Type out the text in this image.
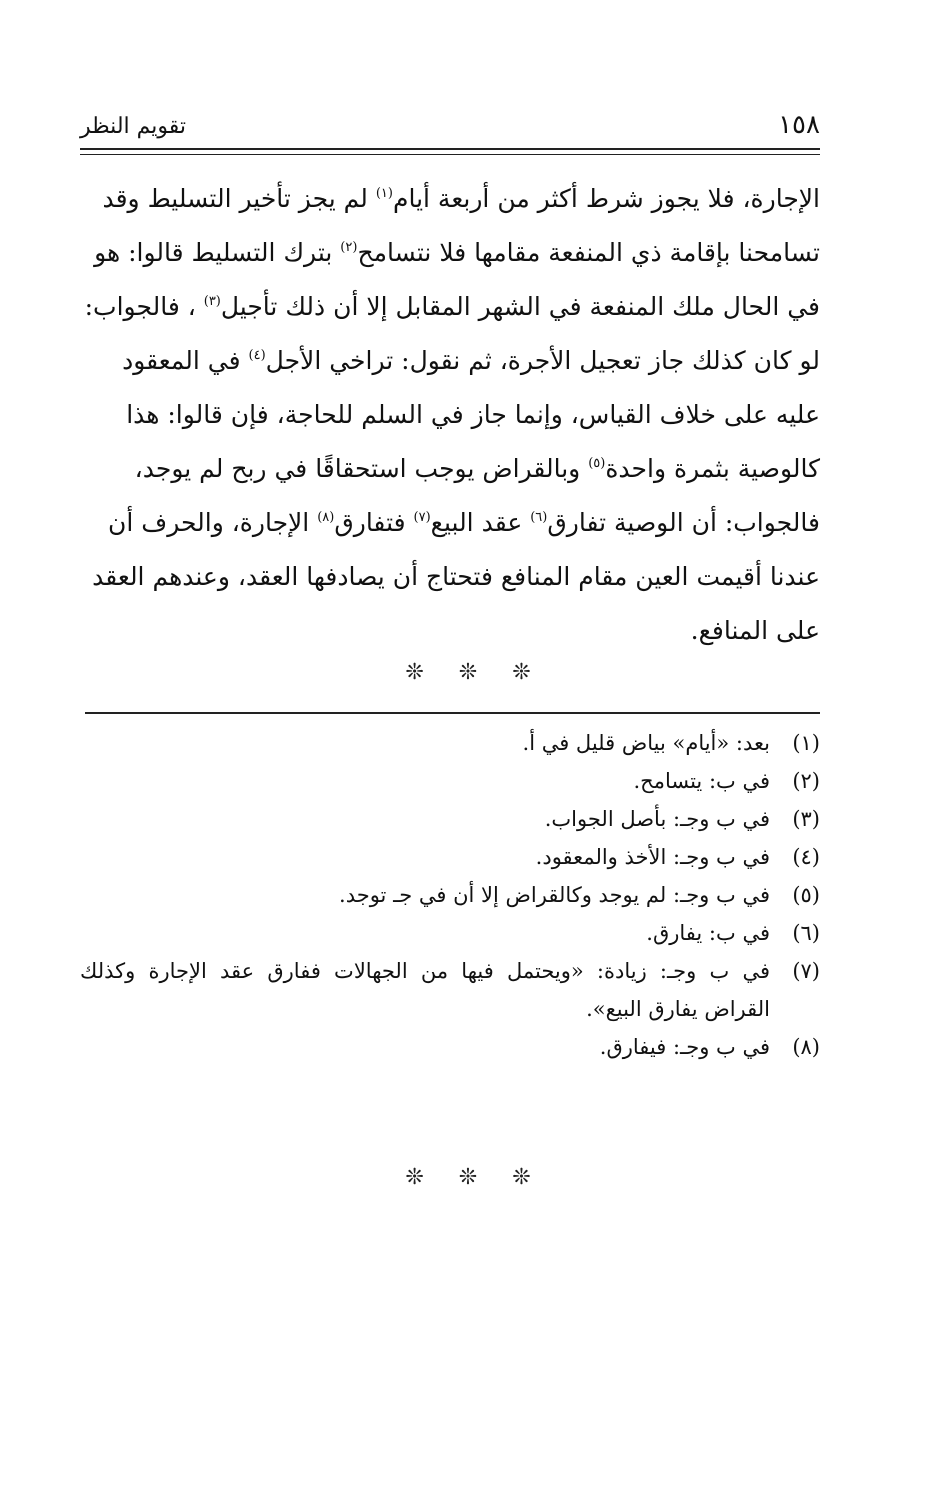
١٥٨
تقويم النظر

الإجارة، فلا يجوز شرط أكثر من أربعة أيام$^{(١)}$ لم يجز تأخير التسليط وقد تسامحنا بإقامة ذي المنفعة مقامها فلا نتسامح$^{(٢)}$ بترك التسليط قالوا: هو في الحال ملك المنفعة في الشهر المقابل إلا أن ذلك تأجيل$^{(٣)}$ ، فالجواب: لو كان كذلك جاز تعجيل الأجرة، ثم نقول: تراخي الأجل$^{(٤)}$ في المعقود عليه على خلاف القياس، وإنما جاز في السلم للحاجة، فإن قالوا: هذا كالوصية بثمرة واحدة$^{(٥)}$ وبالقراض يوجب استحقاقًا في ربح لم يوجد، فالجواب: أن الوصية تفارق$^{(٦)}$ عقد البيع$^{(٧)}$ فتفارق$^{(٨)}$ الإجارة، والحرف أن عندنا أقيمت العين مقام المنافع فتحتاج أن يصادفها العقد، وعندهم العقد على المنافع.

❊ ❊ ❊
(١)
بعد: «أيام» بياض قليل في أ.
(٢)
في ب: يتسامح.
(٣)
في ب وجـ: بأصل الجواب.
(٤)
في ب وجـ: الأخذ والمعقود.
(٥)
في ب وجـ: لم يوجد وكالقراض إلا أن في جـ توجد.
(٦)
في ب: يفارق.
(٧)
في ب وجـ: زيادة: «ويحتمل فيها من الجهالات ففارق عقد الإجارة وكذلك القراض يفارق البيع».
(٨)
في ب وجـ: فيفارق.
❊ ❊ ❊
